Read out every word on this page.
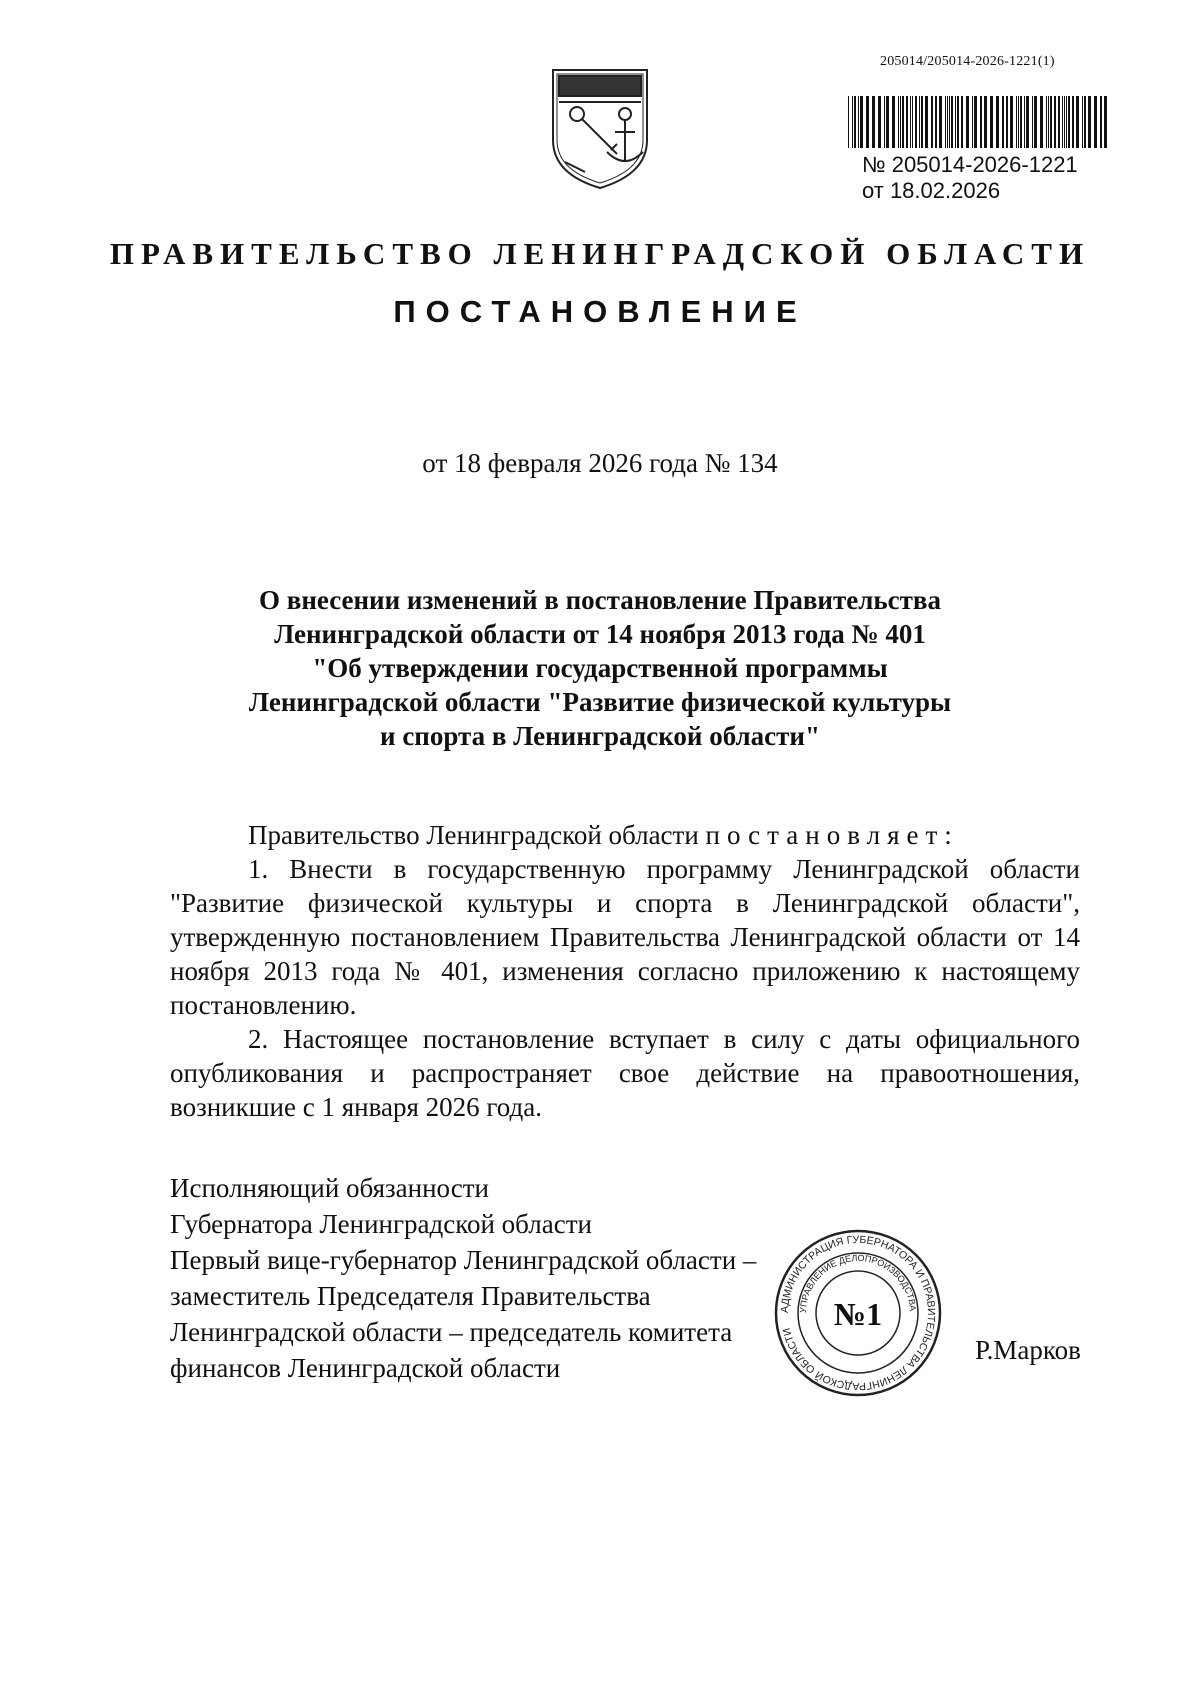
205014/205014-2026-1221(1)
№ 205014-2026-1221
от 18.02.2026
ПРАВИТЕЛЬСТВО ЛЕНИНГРАДСКОЙ ОБЛАСТИ
ПОСТАНОВЛЕНИЕ
от 18 февраля 2026 года № 134
О внесении изменений в постановление Правительства
Ленинградской области от 14 ноября 2013 года № 401
"Об утверждении государственной программы
Ленинградской области "Развитие физической культуры
и спорта в Ленинградской области"

Правительство Ленинградской области постановляет:

1. Внести в государственную программу Ленинградской области "Развитие физической культуры и спорта в Ленинградской области", утвержденную постановлением Правительства Ленинградской области от 14 ноября 2013 года № 401, изменения согласно приложению к настоящему постановлению.

2. Настоящее постановление вступает в силу с даты официального опубликования и распространяет свое действие на правоотношения, возникшие с 1 января 2026 года.

Исполняющий обязанности
Губернатора Ленинградской области
Первый вице-губернатор Ленинградской области –
заместитель Председателя Правительства
Ленинградской области – председатель комитета
финансов Ленинградской области
АДМИНИСТРАЦИЯ ГУБЕРНАТОРА И ПРАВИТЕЛЬСТВА ЛЕНИНГРАДСКОЙ ОБЛАСТИ
УПРАВЛЕНИЕ ДЕЛОПРОИЗВОДСТВА
№1
Р.Марков
